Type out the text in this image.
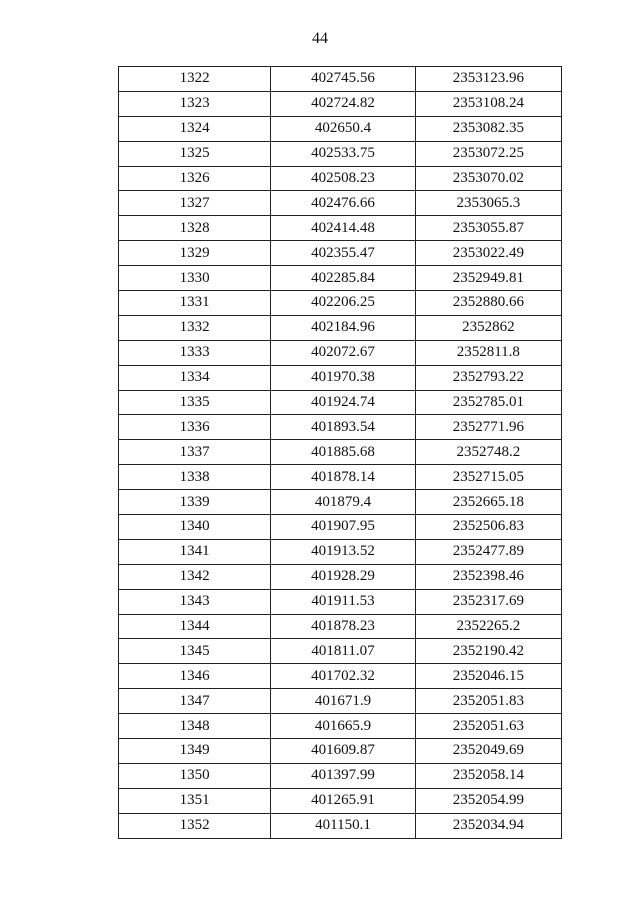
44
1322	402745.56	2353123.96
1323	402724.82	2353108.24
1324	402650.4	2353082.35
1325	402533.75	2353072.25
1326	402508.23	2353070.02
1327	402476.66	2353065.3
1328	402414.48	2353055.87
1329	402355.47	2353022.49
1330	402285.84	2352949.81
1331	402206.25	2352880.66
1332	402184.96	2352862
1333	402072.67	2352811.8
1334	401970.38	2352793.22
1335	401924.74	2352785.01
1336	401893.54	2352771.96
1337	401885.68	2352748.2
1338	401878.14	2352715.05
1339	401879.4	2352665.18
1340	401907.95	2352506.83
1341	401913.52	2352477.89
1342	401928.29	2352398.46
1343	401911.53	2352317.69
1344	401878.23	2352265.2
1345	401811.07	2352190.42
1346	401702.32	2352046.15
1347	401671.9	2352051.83
1348	401665.9	2352051.63
1349	401609.87	2352049.69
1350	401397.99	2352058.14
1351	401265.91	2352054.99
1352	401150.1	2352034.94
